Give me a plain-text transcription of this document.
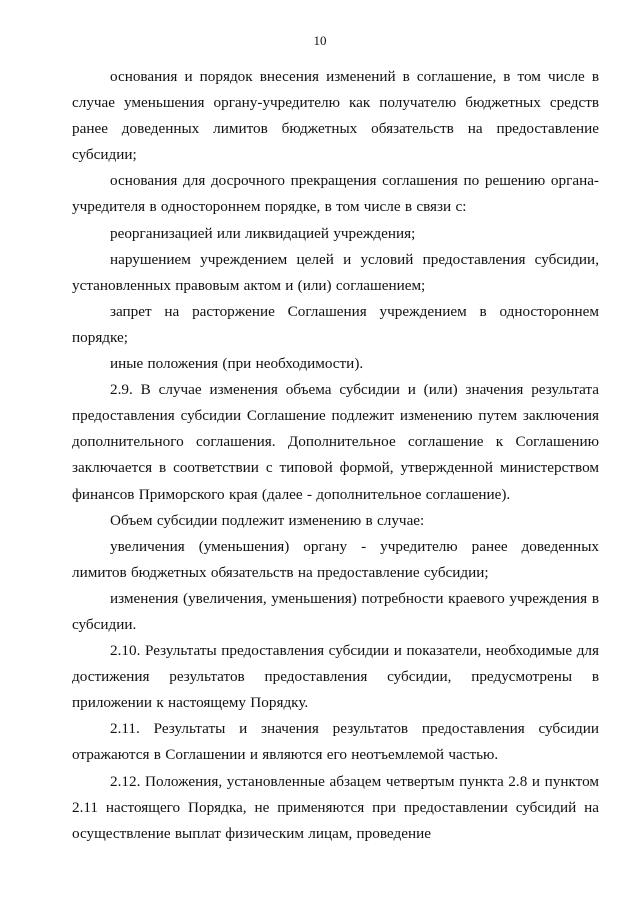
10

основания и порядок внесения изменений в соглашение, в том числе в случае уменьшения органу-учредителю как получателю бюджетных средств ранее доведенных лимитов бюджетных обязательств на предоставление субсидии;

основания для досрочного прекращения соглашения по решению органа-учредителя в одностороннем порядке, в том числе в связи с:

реорганизацией или ликвидацией учреждения;

нарушением учреждением целей и условий предоставления субсидии, установленных правовым актом и (или) соглашением;

запрет на расторжение Соглашения учреждением в одностороннем порядке;

иные положения (при необходимости).

2.9. В случае изменения объема субсидии и (или) значения результата предоставления субсидии Соглашение подлежит изменению путем заключения дополнительного соглашения. Дополнительное соглашение к Соглашению заключается в соответствии с типовой формой, утвержденной министерством финансов Приморского края (далее - дополнительное соглашение).

Объем субсидии подлежит изменению в случае:

увеличения (уменьшения) органу - учредителю ранее доведенных лимитов бюджетных обязательств на предоставление субсидии;

изменения (увеличения, уменьшения) потребности краевого учреждения в субсидии.

2.10. Результаты предоставления субсидии и показатели, необходимые для достижения результатов предоставления субсидии, предусмотрены в приложении к настоящему Порядку.

2.11. Результаты и значения результатов предоставления субсидии отражаются в Соглашении и являются его неотъемлемой частью.

2.12. Положения, установленные абзацем четвертым пункта 2.8 и пунктом 2.11 настоящего Порядка, не применяются при предоставлении субсидий на осуществление выплат физическим лицам, проведение
